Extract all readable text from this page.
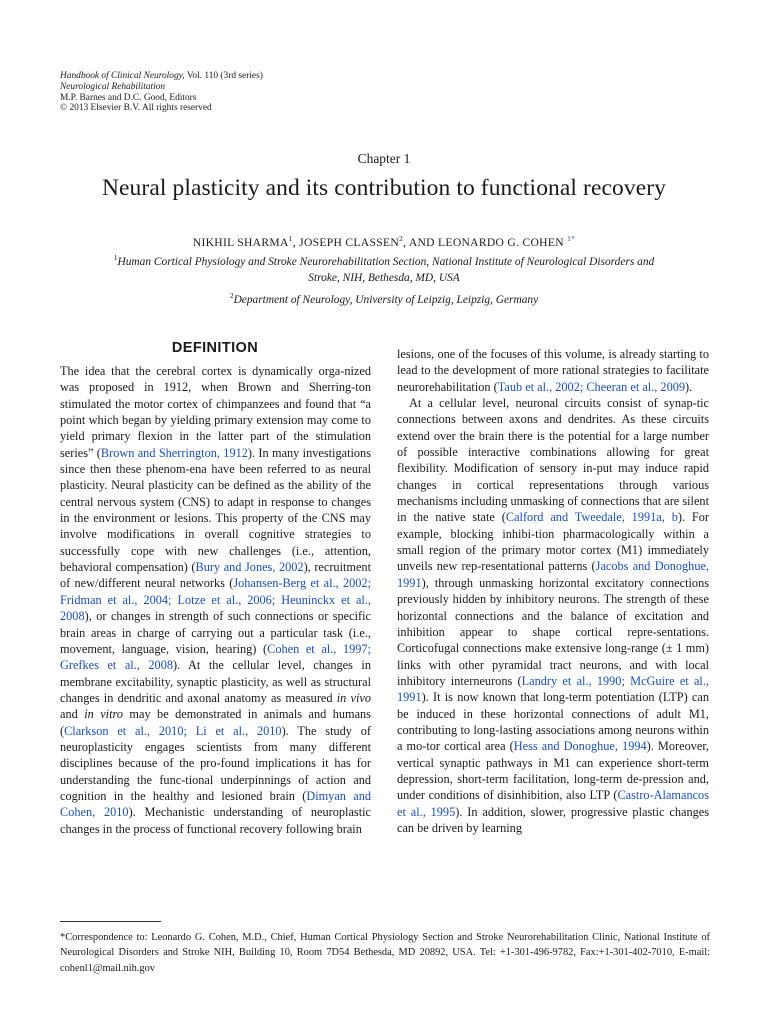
Handbook of Clinical Neurology, Vol. 110 (3rd series)
Neurological Rehabilitation
M.P. Barnes and D.C. Good, Editors
© 2013 Elsevier B.V. All rights reserved
Chapter 1
Neural plasticity and its contribution to functional recovery
NIKHIL SHARMA$^1$, JOSEPH CLASSEN$^2$, AND LEONARDO G. COHEN $^{1*}$
$^1$Human Cortical Physiology and Stroke Neurorehabilitation Section, National Institute of Neurological Disorders and Stroke, NIH, Bethesda, MD, USA
$^2$Department of Neurology, University of Leipzig, Leipzig, Germany
DEFINITION

The idea that the cerebral cortex is dynamically orga-nized was proposed in 1912, when Brown and Sherring-ton stimulated the motor cortex of chimpanzees and found that “a point which began by yielding primary extension may come to yield primary flexion in the latter part of the stimulation series” (Brown and Sherrington, 1912). In many investigations since then these phenom-ena have been referred to as neural plasticity. Neural plasticity can be defined as the ability of the central nervous system (CNS) to adapt in response to changes in the environment or lesions. This property of the CNS may involve modifications in overall cognitive strategies to successfully cope with new challenges (i.e., attention, behavioral compensation) (Bury and Jones, 2002), recruitment of new/different neural networks (Johansen-Berg et al., 2002; Fridman et al., 2004; Lotze et al., 2006; Heuninckx et al., 2008), or changes in strength of such connections or specific brain areas in charge of carrying out a particular task (i.e., movement, language, vision, hearing) (Cohen et al., 1997; Grefkes et al., 2008). At the cellular level, changes in membrane excitability, synaptic plasticity, as well as structural changes in dendritic and axonal anatomy as measured in vivo and in vitro may be demonstrated in animals and humans (Clarkson et al., 2010; Li et al., 2010). The study of neuroplasticity engages scientists from many different disciplines because of the pro-found implications it has for understanding the func-tional underpinnings of action and cognition in the healthy and lesioned brain (Dimyan and Cohen, 2010). Mechanistic understanding of neuroplastic changes in the process of functional recovery following brain

lesions, one of the focuses of this volume, is already starting to lead to the development of more rational strategies to facilitate neurorehabilitation (Taub et al., 2002; Cheeran et al., 2009).

At a cellular level, neuronal circuits consist of synap-tic connections between axons and dendrites. As these circuits extend over the brain there is the potential for a large number of possible interactive combinations allowing for great flexibility. Modification of sensory in-put may induce rapid changes in cortical representations through various mechanisms including unmasking of connections that are silent in the native state (Calford and Tweedale, 1991a, b). For example, blocking inhibi-tion pharmacologically within a small region of the primary motor cortex (M1) immediately unveils new rep-resentational patterns (Jacobs and Donoghue, 1991), through unmasking horizontal excitatory connections previously hidden by inhibitory neurons. The strength of these horizontal connections and the balance of excitation and inhibition appear to shape cortical repre-sentations. Corticofugal connections make extensive long-range (± 1 mm) links with other pyramidal tract neurons, and with local inhibitory interneurons (Landry et al., 1990; McGuire et al., 1991). It is now known that long-term potentiation (LTP) can be induced in these horizontal connections of adult M1, contributing to long-lasting associations among neurons within a mo-tor cortical area (Hess and Donoghue, 1994). Moreover, vertical synaptic pathways in M1 can experience short-term depression, short-term facilitation, long-term de-pression and, under conditions of disinhibition, also LTP (Castro-Alamancos et al., 1995). In addition, slower, progressive plastic changes can be driven by learning

*Correspondence to: Leonardo G. Cohen, M.D., Chief, Human Cortical Physiology Section and Stroke Neurorehabilitation Clinic, National Institute of Neurological Disorders and Stroke NIH, Building 10, Room 7D54 Bethesda, MD 20892, USA. Tel: +1-301-496-9782, Fax:+1-301-402-7010, E-mail: cohenl1@mail.nih.gov
